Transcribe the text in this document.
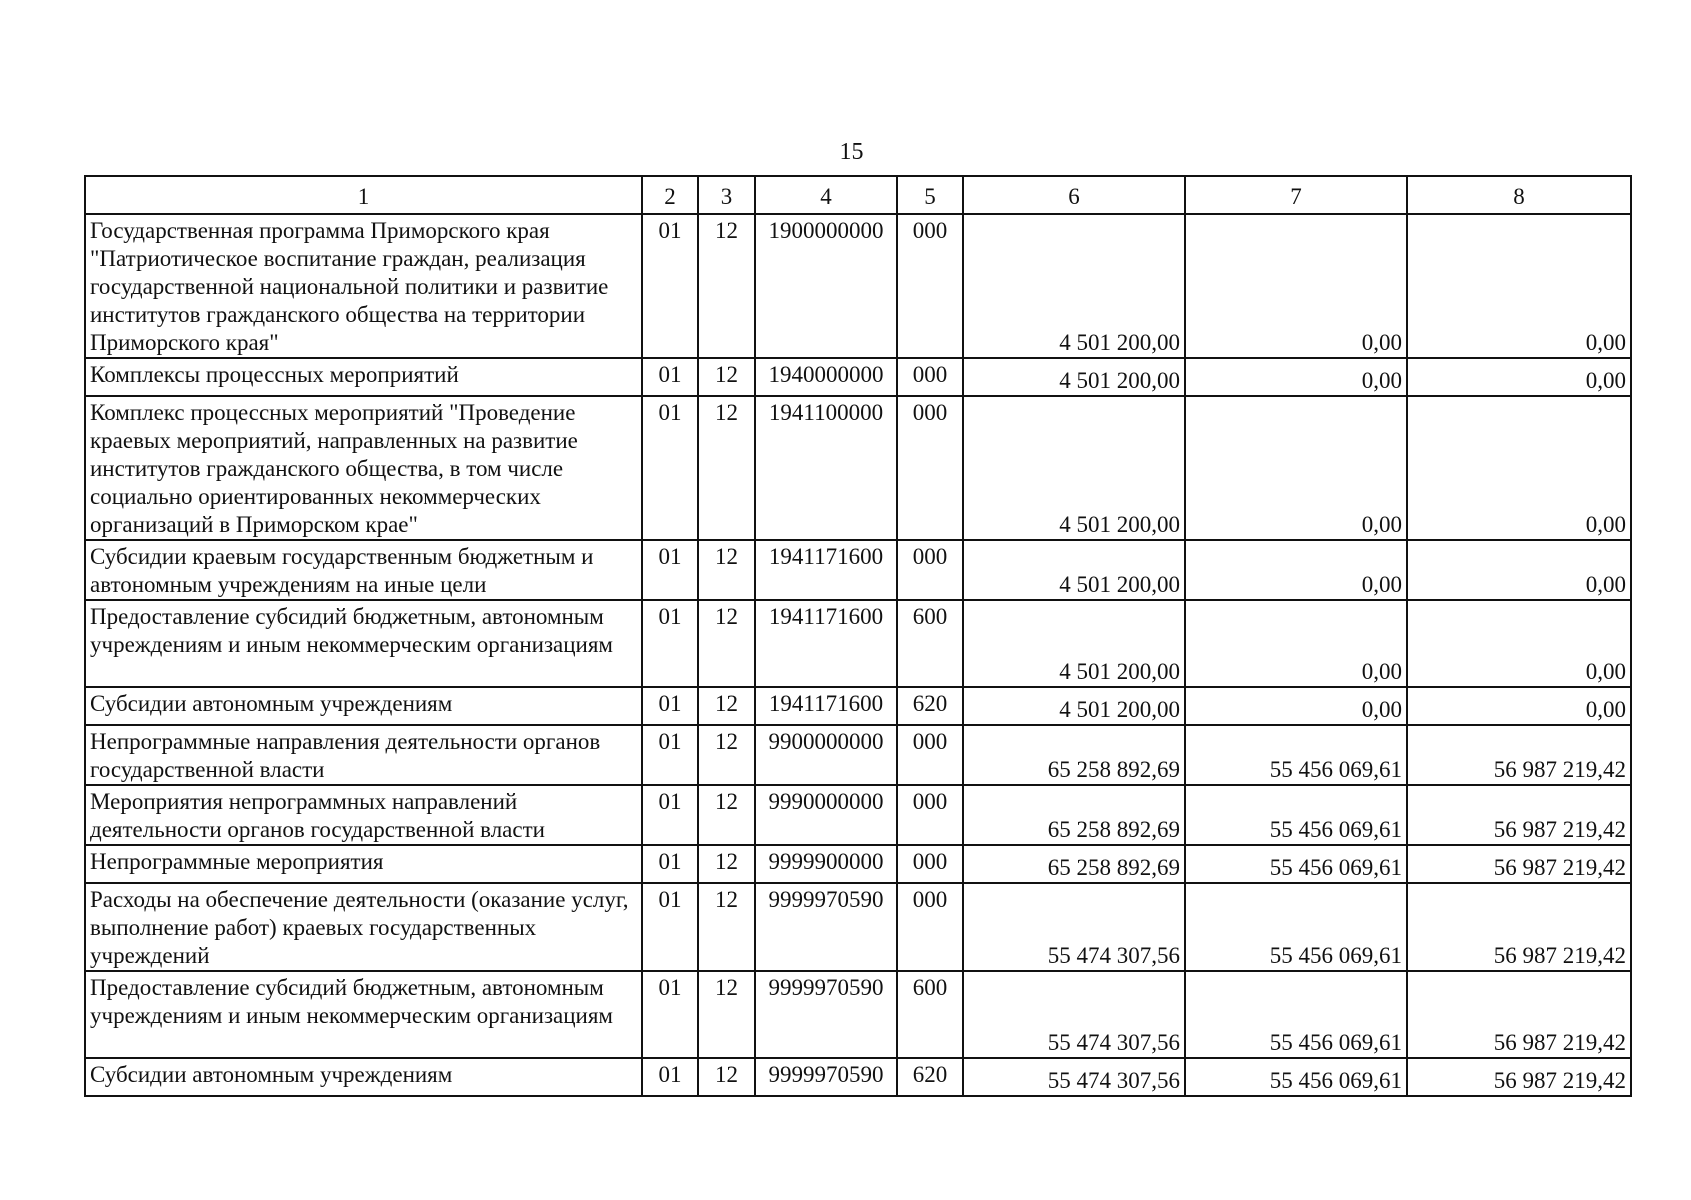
15
1	2	3	4	5	6	7	8
Государственная программа Приморского края "Патриотическое воспитание граждан, реализация государственной национальной политики и развитие институтов гражданского общества на территории Приморского края"	01	12	1900000000	000	4 501 200,00	0,00	0,00
Комплексы процессных мероприятий	01	12	1940000000	000	4 501 200,00	0,00	0,00
Комплекс процессных мероприятий "Проведение краевых мероприятий, направленных на развитие институтов гражданского общества, в том числе социально ориентированных некоммерческих организаций в Приморском крае"	01	12	1941100000	000	4 501 200,00	0,00	0,00
Субсидии краевым государственным бюджетным и автономным учреждениям на иные цели	01	12	1941171600	000	4 501 200,00	0,00	0,00
Предоставление субсидий бюджетным, автономным учреждениям и иным некоммерческим организациям	01	12	1941171600	600	4 501 200,00	0,00	0,00
Субсидии автономным учреждениям	01	12	1941171600	620	4 501 200,00	0,00	0,00
Непрограммные направления деятельности органов государственной власти	01	12	9900000000	000	65 258 892,69	55 456 069,61	56 987 219,42
Мероприятия непрограммных направлений деятельности органов государственной власти	01	12	9990000000	000	65 258 892,69	55 456 069,61	56 987 219,42
Непрограммные мероприятия	01	12	9999900000	000	65 258 892,69	55 456 069,61	56 987 219,42
Расходы на обеспечение деятельности (оказание услуг, выполнение работ) краевых государственных учреждений	01	12	9999970590	000	55 474 307,56	55 456 069,61	56 987 219,42
Предоставление субсидий бюджетным, автономным учреждениям и иным некоммерческим организациям	01	12	9999970590	600	55 474 307,56	55 456 069,61	56 987 219,42
Субсидии автономным учреждениям	01	12	9999970590	620	55 474 307,56	55 456 069,61	56 987 219,42
